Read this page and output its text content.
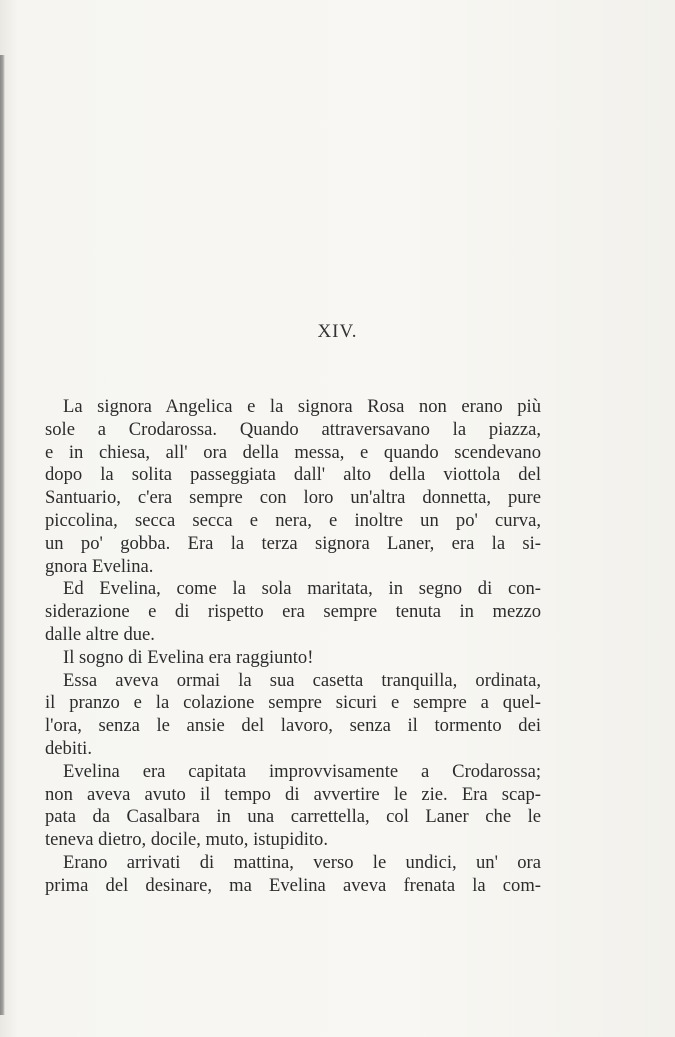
XIV.
La signora Angelica e la signora Rosa non erano più
sole a Crodarossa. Quando attraversavano la piazza,
e in chiesa, all' ora della messa, e quando scendevano
dopo la solita passeggiata dall' alto della viottola del
Santuario, c'era sempre con loro un'altra donnetta, pure
piccolina, secca secca e nera, e inoltre un po' curva,
un po' gobba. Era la terza signora Laner, era la si-
gnora Evelina.
Ed Evelina, come la sola maritata, in segno di con-
siderazione e di rispetto era sempre tenuta in mezzo
dalle altre due.
Il sogno di Evelina era raggiunto!
Essa aveva ormai la sua casetta tranquilla, ordinata,
il pranzo e la colazione sempre sicuri e sempre a quel-
l'ora, senza le ansie del lavoro, senza il tormento dei
debiti.
Evelina era capitata improvvisamente a Crodarossa;
non aveva avuto il tempo di avvertire le zie. Era scap-
pata da Casalbara in una carrettella, col Laner che le
teneva dietro, docile, muto, istupidito.
Erano arrivati di mattina, verso le undici, un' ora
prima del desinare, ma Evelina aveva frenata la com-
